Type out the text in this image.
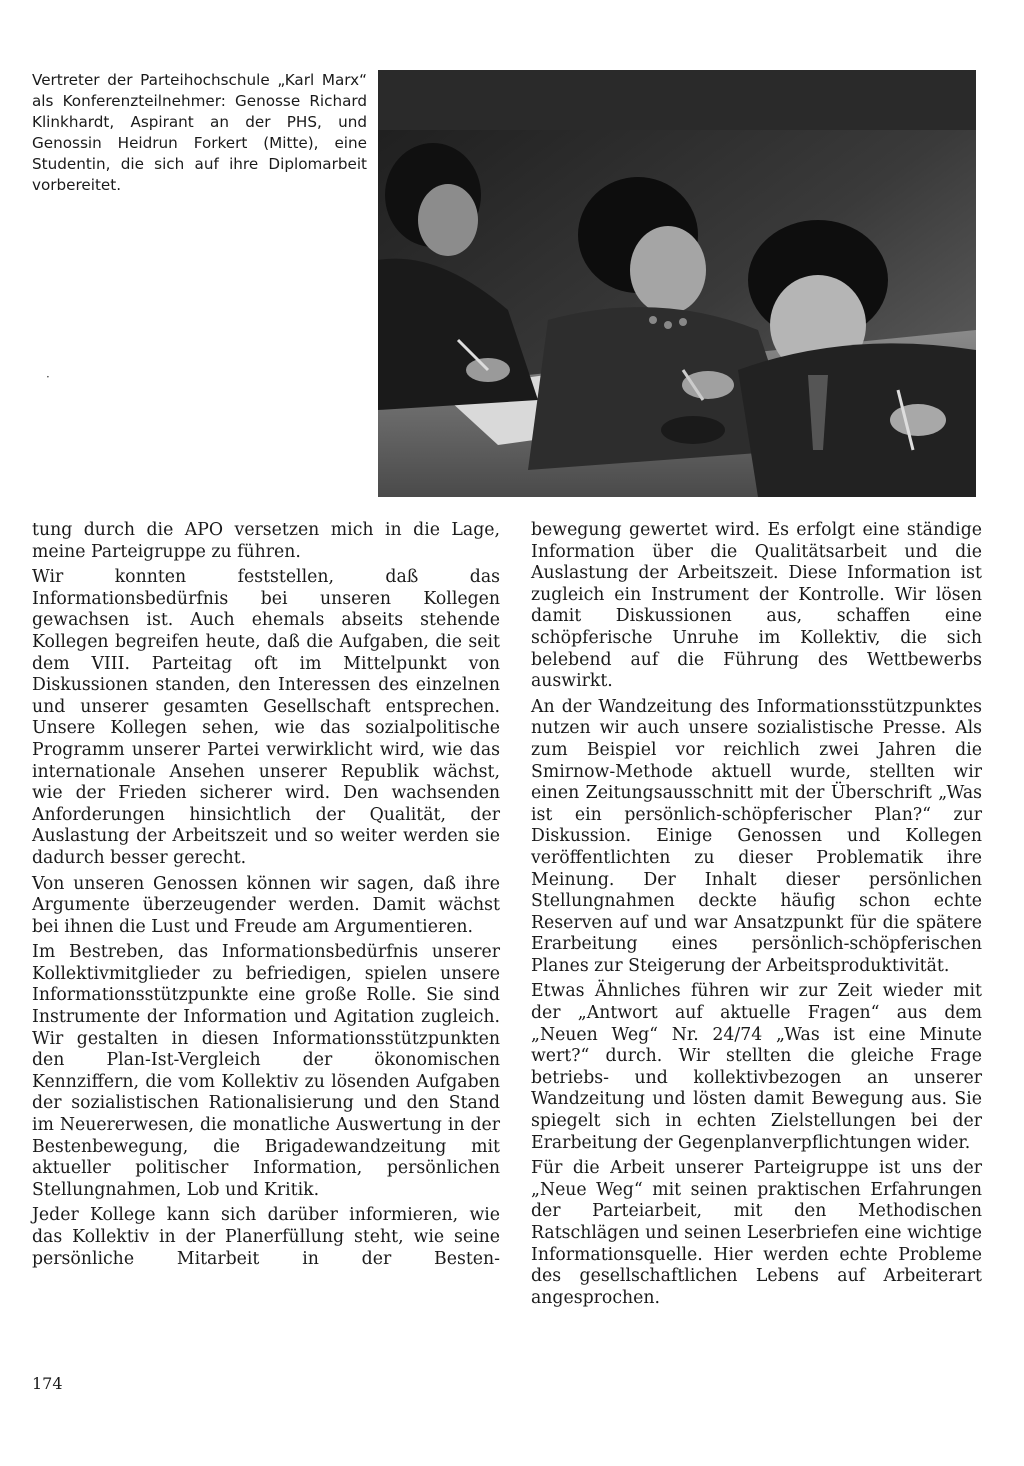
Vertreter der Parteihochschule „Karl Marx“ als Konferenzteilnehmer: Genosse Richard Klinkhardt, Aspirant an der PHS, und Genossin Heidrun Forkert (Mitte), eine Studentin, die sich auf ihre Diplomarbeit vorbereitet.
·

tung durch die APO versetzen mich in die Lage, meine Parteigruppe zu führen.

Wir konnten feststellen, daß das Informationsbedürfnis bei unseren Kollegen gewachsen ist. Auch ehemals abseits stehende Kollegen begreifen heute, daß die Aufgaben, die seit dem VIII. Parteitag oft im Mittelpunkt von Diskussionen standen, den Interessen des einzelnen und unserer gesamten Gesellschaft entsprechen. Unsere Kollegen sehen, wie das sozialpolitische Programm unserer Partei verwirklicht wird, wie das internationale Ansehen unserer Republik wächst, wie der Frieden sicherer wird. Den wachsenden Anforderungen hinsichtlich der Qualität, der Auslastung der Arbeitszeit und so weiter werden sie dadurch besser gerecht.

Von unseren Genossen können wir sagen, daß ihre Argumente überzeugender werden. Damit wächst bei ihnen die Lust und Freude am Argumentieren.

Im Bestreben, das Informationsbedürfnis unserer Kollektivmitglieder zu befriedigen, spielen unsere Informationsstützpunkte eine große Rolle. Sie sind Instrumente der Information und Agitation zugleich. Wir gestalten in diesen Informationsstützpunkten den Plan-Ist-Vergleich der ökonomischen Kennziffern, die vom Kollektiv zu lösenden Aufgaben der sozialistischen Rationalisierung und den Stand im Neuererwesen, die monatliche Auswertung in der Bestenbewegung, die Brigadewandzeitung mit aktueller politischer Information, persönlichen Stellungnahmen, Lob und Kritik.

Jeder Kollege kann sich darüber informieren, wie das Kollektiv in der Planerfüllung steht, wie seine persönliche Mitarbeit in der Besten-

bewegung gewertet wird. Es erfolgt eine ständige Information über die Qualitätsarbeit und die Auslastung der Arbeitszeit. Diese Information ist zugleich ein Instrument der Kontrolle. Wir lösen damit Diskussionen aus, schaffen eine schöpferische Unruhe im Kollektiv, die sich belebend auf die Führung des Wettbewerbs auswirkt.

An der Wandzeitung des Informationsstützpunktes nutzen wir auch unsere sozialistische Presse. Als zum Beispiel vor reichlich zwei Jahren die Smirnow-Methode aktuell wurde, stellten wir einen Zeitungsausschnitt mit der Überschrift „Was ist ein persönlich-schöpferischer Plan?“ zur Diskussion. Einige Genossen und Kollegen veröffentlichten zu dieser Problematik ihre Meinung. Der Inhalt dieser persönlichen Stellungnahmen deckte häufig schon echte Reserven auf und war Ansatzpunkt für die spätere Erarbeitung eines persönlich-schöpferischen Planes zur Steigerung der Arbeitsproduktivität.

Etwas Ähnliches führen wir zur Zeit wieder mit der „Antwort auf aktuelle Fragen“ aus dem „Neuen Weg“ Nr. 24/74 „Was ist eine Minute wert?“ durch. Wir stellten die gleiche Frage betriebs- und kollektivbezogen an unserer Wandzeitung und lösten damit Bewegung aus. Sie spiegelt sich in echten Zielstellungen bei der Erarbeitung der Gegenplanverpflichtungen wider.

Für die Arbeit unserer Parteigruppe ist uns der „Neue Weg“ mit seinen praktischen Erfahrungen der Parteiarbeit, mit den Methodischen Ratschlägen und seinen Leserbriefen eine wichtige Informationsquelle. Hier werden echte Probleme des gesellschaftlichen Lebens auf Arbeiterart angesprochen.

174
